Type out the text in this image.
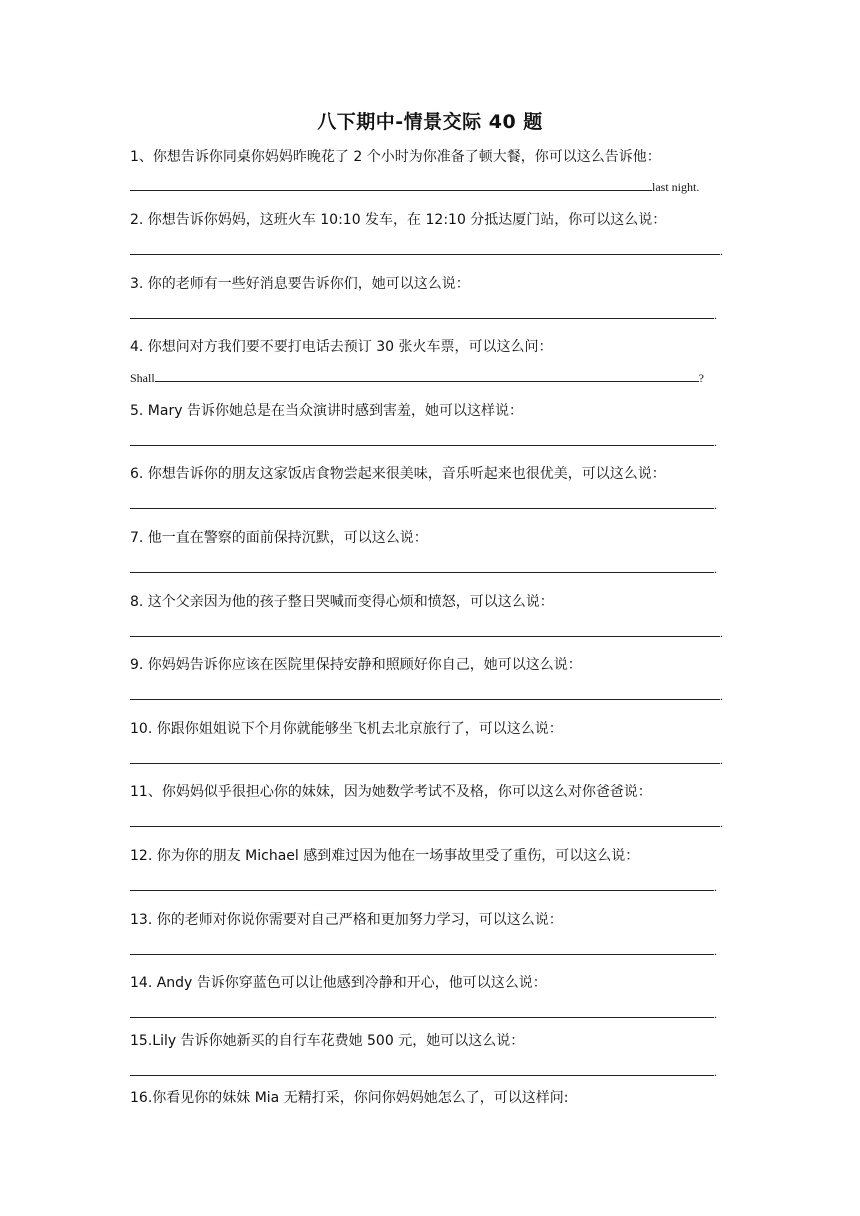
八下期中-情景交际 40 题
1、你想告诉你同桌你妈妈昨晚花了 2 个小时为你准备了顿大餐，你可以这么告诉他：
last night.
2. 你想告诉你妈妈，这班火车 10:10 发车，在 12:10 分抵达厦门站，你可以这么说：
.
3. 你的老师有一些好消息要告诉你们，她可以这么说：
.
4. 你想问对方我们要不要打电话去预订 30 张火车票，可以这么问：
Shall	?
5. Mary 告诉你她总是在当众演讲时感到害羞，她可以这样说：
.
6. 你想告诉你的朋友这家饭店食物尝起来很美味，音乐听起来也很优美，可以这么说：
.
7. 他一直在警察的面前保持沉默，可以这么说：
.
8. 这个父亲因为他的孩子整日哭喊而变得心烦和愤怒，可以这么说：
.
9. 你妈妈告诉你应该在医院里保持安静和照顾好你自己，她可以这么说：
.
10. 你跟你姐姐说下个月你就能够坐飞机去北京旅行了，可以这么说：
.
11、你妈妈似乎很担心你的妹妹，因为她数学考试不及格，你可以这么对你爸爸说：
.
12. 你为你的朋友 Michael 感到难过因为他在一场事故里受了重伤，可以这么说：
.
13. 你的老师对你说你需要对自己严格和更加努力学习，可以这么说：
.
14. Andy 告诉你穿蓝色可以让他感到冷静和开心，他可以这么说：
.
15.Lily 告诉你她新买的自行车花费她 500 元，她可以这么说：
.
16.你看见你的妹妹 Mia 无精打采，你问你妈妈她怎么了，可以这样问:
